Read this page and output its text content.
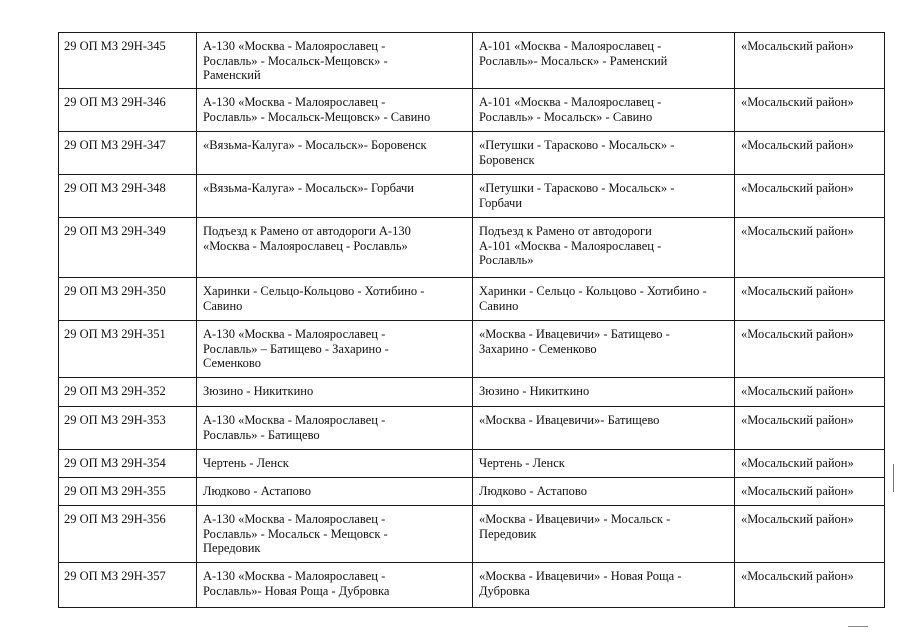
29 ОП МЗ 29Н-345	А-130 «Москва - Малоярославец -
Рославль» - Мосальск-Мещовск» -
Раменский	А-101 «Москва - Малоярославец -
Рославль»- Мосальск» - Раменский	«Мосальский район»
29 ОП МЗ 29Н-346	А-130 «Москва - Малоярославец -
Рославль» - Мосальск-Мещовск» - Савино	А-101 «Москва - Малоярославец -
Рославль» - Мосальск» - Савино	«Мосальский район»
29 ОП МЗ 29Н-347	«Вязьма-Калуга» - Мосальск»- Боровенск	«Петушки - Тарасково - Мосальск» -
Боровенск	«Мосальский район»
29 ОП МЗ 29Н-348	«Вязьма-Калуга» - Мосальск»- Горбачи	«Петушки - Тарасково - Мосальск» -
Горбачи	«Мосальский район»
29 ОП МЗ 29Н-349	Подъезд к Рамено от автодороги А-130
«Москва - Малоярославец - Рославль»	Подъезд к Рамено от автодороги
А-101 «Москва - Малоярославец -
Рославль»	«Мосальский район»
29 ОП МЗ 29Н-350	Харинки - Сельцо-Кольцово - Хотибино -
Савино	Харинки - Сельцо - Кольцово - Хотибино -
Савино	«Мосальский район»
29 ОП МЗ 29Н-351	А-130 «Москва - Малоярославец -
Рославль» – Батищево - Захарино -
Семенково	«Москва - Ивацевичи» - Батищево -
Захарино - Семенково	«Мосальский район»
29 ОП МЗ 29Н-352	Зюзино - Никиткино	Зюзино - Никиткино	«Мосальский район»
29 ОП МЗ 29Н-353	А-130 «Москва - Малоярославец -
Рославль» - Батищево	«Москва - Ивацевичи»- Батищево	«Мосальский район»
29 ОП МЗ 29Н-354	Чертень - Ленск	Чертень - Ленск	«Мосальский район»
29 ОП МЗ 29Н-355	Людково - Астапово	Людково - Астапово	«Мосальский район»
29 ОП МЗ 29Н-356	А-130 «Москва - Малоярославец -
Рославль» - Мосальск - Мещовск -
Передовик	«Москва - Ивацевичи» - Мосальск -
Передовик	«Мосальский район»
29 ОП МЗ 29Н-357	А-130 «Москва - Малоярославец -
Рославль»- Новая Роща - Дубровка	«Москва - Ивацевичи» - Новая Роща -
Дубровка	«Мосальский район»
